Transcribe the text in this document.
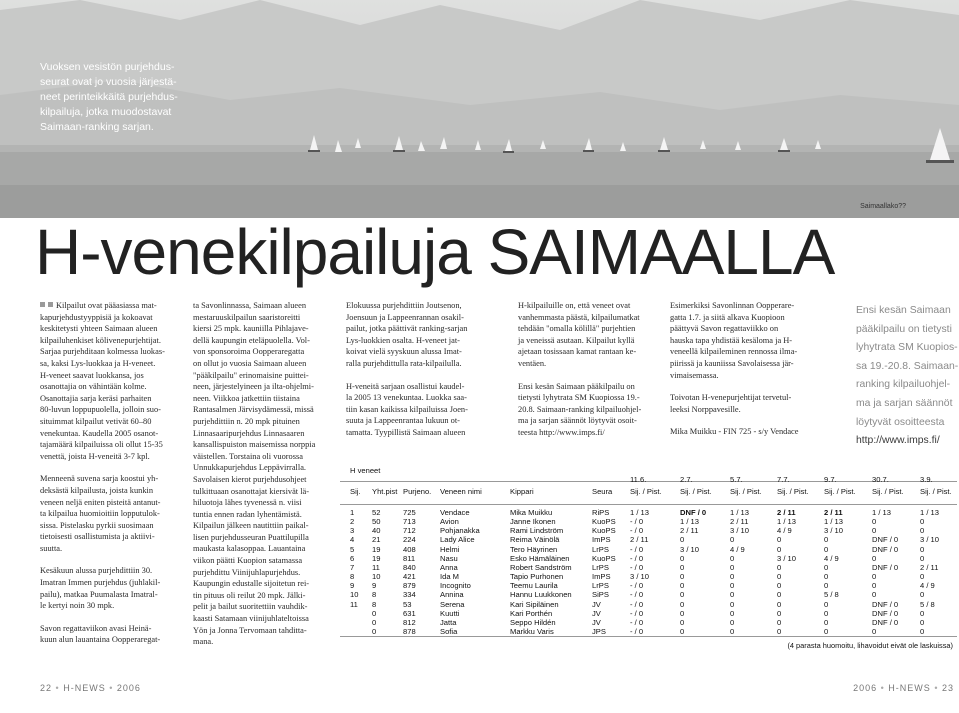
Vuoksen vesistön purjehdus-
seurat ovat jo vuosia järjestä-
neet perinteikkäitä purjehdus-
kilpailuja, jotka muodostavat
Saimaan-ranking sarjan.
Saimaallako??
H-venekilpailuja SAIMAALLA
Kilpailut ovat pääasiassa mat-
kapurjehdustyyppisiä ja kokoavat
keskitetysti yhteen Saimaan alueen
kilpailuhenkiset kölivenepurjehtijat.
Sarjaa purjehditaan kolmessa luokas-
sa, kaksi Lys-luokkaa ja H-veneet.
H-veneet saavat luokkansa, jos
osanottajia on vähintään kolme.
Osanottajia sarja keräsi parhaiten
80-luvun loppupuolella, jolloin suo-
situimmat kilpailut vetivät 60–80
venekuntaa. Kaudella 2005 osanot-
tajamäärä kilpailuissa oli ollut 15-35
venettä, joista H-veneitä 3-7 kpl.
Menneenä suvena sarja koostui yh-
deksästä kilpailusta, joista kunkin
veneen neljä eniten pisteitä antanut-
ta kilpailua huomioitiin lopputulok-
sissa. Pistelasku pyrkii suosimaan
tietoisesti osallistumista ja aktiivi-
suutta.
Kesäkuun alussa purjehdittiin 30.
Imatran Immen purjehdus (juhlakil-
pailu), matkaa Puumalasta Imatral-
le kertyi noin 30 mpk.
Savon regattaviikon avasi Heinä-
kuun alun lauantaina Oopperaregat-
ta Savonlinnassa, Saimaan alueen
mestaruuskilpailun saaristoreitti
kiersi 25 mpk. kauniilla Pihlajave-
dellä kaupungin eteläpuolella. Vol-
von sponsoroima Oopperaregatta
on ollut jo vuosia Saimaan alueen
"pääkilpailu" erinomaisine puittei-
neen, järjestelyineen ja ilta-ohjelmi-
neen. Viikkoa jatkettiin tiistaina
Rantasalmen Järvisydämessä, missä
purjehdittiin n. 20 mpk pituinen
Linnasaaripurjehdus Linnasaaren
kansallispuiston maisemissa norppia
väistellen. Torstaina oli vuorossa
Unnukkapurjehdus Leppävirralla.
Savolaisen kierot purjehdusohjeet
tulkittuaan osanottajat kiersivät lä-
hiluotoja lähes tyvenessä n. viisi
tuntia ennen radan lyhentämistä.
Kilpailun jälkeen nautittiin paikal-
lisen purjehdusseuran Puattilupilla
maukasta kalasoppaa. Lauantaina
viikon päätti Kuopion satamassa
purjehdittu Viinijuhlapurjehdus.
Kaupungin edustalle sijoitetun rei-
tin pituus oli reilut 20 mpk. Jälki-
pelit ja bailut suoritettiin vauhdik-
kaasti Satamaan viinijuhlateltoissa
Yön ja Jonna Tervomaan tahditta-
mana.
Elokuussa purjehdittiin Joutsenon,
Joensuun ja Lappeenrannan osakil-
pailut, jotka päättivät ranking-sarjan
Lys-luokkien osalta. H-veneet jat-
koivat vielä syyskuun alussa Imat-
ralla purjehdittulla rata-kilpailulla.
H-veneitä sarjaan osallistui kaudel-
la 2005 13 venekuntaa. Luokka saa-
tiin kasan kaikissa kilpailuissa Joen-
suuta ja Lappeenrantaa lukuun ot-
tamatta. Tyypillistä Saimaan alueen
H-kilpailuille on, että veneet ovat
vanhemmasta päästä, kilpailumatkat
tehdään "omalla kölillä" purjehtien
ja veneissä asutaan. Kilpailut kyllä
ajetaan tosissaan kamat rantaan ke-
ventäen.
Ensi kesän Saimaan pääkilpailu on
tietysti lyhytrata SM Kuopiossa 19.-
20.8. Saimaan-ranking kilpailuohjel-
ma ja sarjan säännöt löytyvät osoit-
teesta http://www.imps.fi/
Esimerkiksi Savonlinnan Oopperare-
gatta 1.7. ja siitä alkava Kuopioon
päättyvä Savon regattaviikko on
hauska tapa yhdistää kesäloma ja H-
veneellä kilpaileminen rennossa ilma-
piirissä ja kauniissa Savolaisessa jär-
vimaisemassa.
Toivotan H-venepurjehtijat tervetul-
leeksi Norppavesille.
Mika Muikku - FIN 725 - s/y Vendace
Ensi kesän Saimaan
pääkilpailu on tietysti
lyhytrata SM Kuopios-
sa 19.-20.8. Saimaan-
ranking kilpailuohjel-
ma ja sarjan säännöt
löytyvät osoitteesta
http://www.imps.fi/
H veneet
11.6.	2.7.	5.7.	7.7.	9.7.	30.7.	3.9.
Sij. Yht.pist Purjeno. Veneen nimi	Kippari	Seura Sij. / Pist. Sij. / Pist. Sij. / Pist. Sij. / Pist. Sij. / Pist. Sij. / Pist. Sij. / Pist.
1 52	725	Vendace	Mika Muikku	RiPS	1 / 13	DNF / 0	1 / 13	2 / 11	2 / 11	1 / 13	1 / 13
2 50	713	Avion	Janne Ikonen	KuoPS - / 0	1 / 13	2 / 11	1 / 13	1 / 13	0	0
3 40	712	Pohjanakka	Rami Lindström	KuoPS - / 0	2 / 11	3 / 10	4 / 9	3 / 10	0	0
4 21	224	Lady Alice	Reima Väinölä	ImPS	2 / 11	0	0	0	0	DNF / 0	3 / 10
5 19	408	Helmi	Tero Häyrinen	LrPS	- / 0	3 / 10	4 / 9	0	0	DNF / 0	0
6 19	811	Nasu	Esko Hämäläinen	KuoPS - / 0	0	0	3 / 10	4 / 9	0	0
7 11	840	Anna	Robert Sandström	LrPS	- / 0	0	0	0	0	DNF / 0	2 / 11
8 10	421	Ida M	Tapio Purhonen	ImPS	3 / 10	0	0	0	0	0	0
9 9	879	Incognito	Teemu Laurila	LrPS	- / 0	0	0	0	0	0	4 / 9
10 8	334	Annina	Hannu Luukkonen	SiPS	- / 0	0	0	0	5 / 8	0	0
11 8	53	Serena	Kari Sipiläinen	JV	- / 0	0	0	0	0	DNF / 0	5 / 8
0	631	Kuutti	Kari Porthén	JV	- / 0	0	0	0	0	DNF / 0	0
0	812	Jatta	Seppo Hildén	JV	- / 0	0	0	0	0	DNF / 0	0
0	878	Sofia	Markku Varis	JPS	- / 0	0	0	0	0	0	0
(4 parasta huomoitu, lihavoidut eivät ole laskuissa)
22 • H-NEWS • 2006	2006 • H-NEWS • 23
